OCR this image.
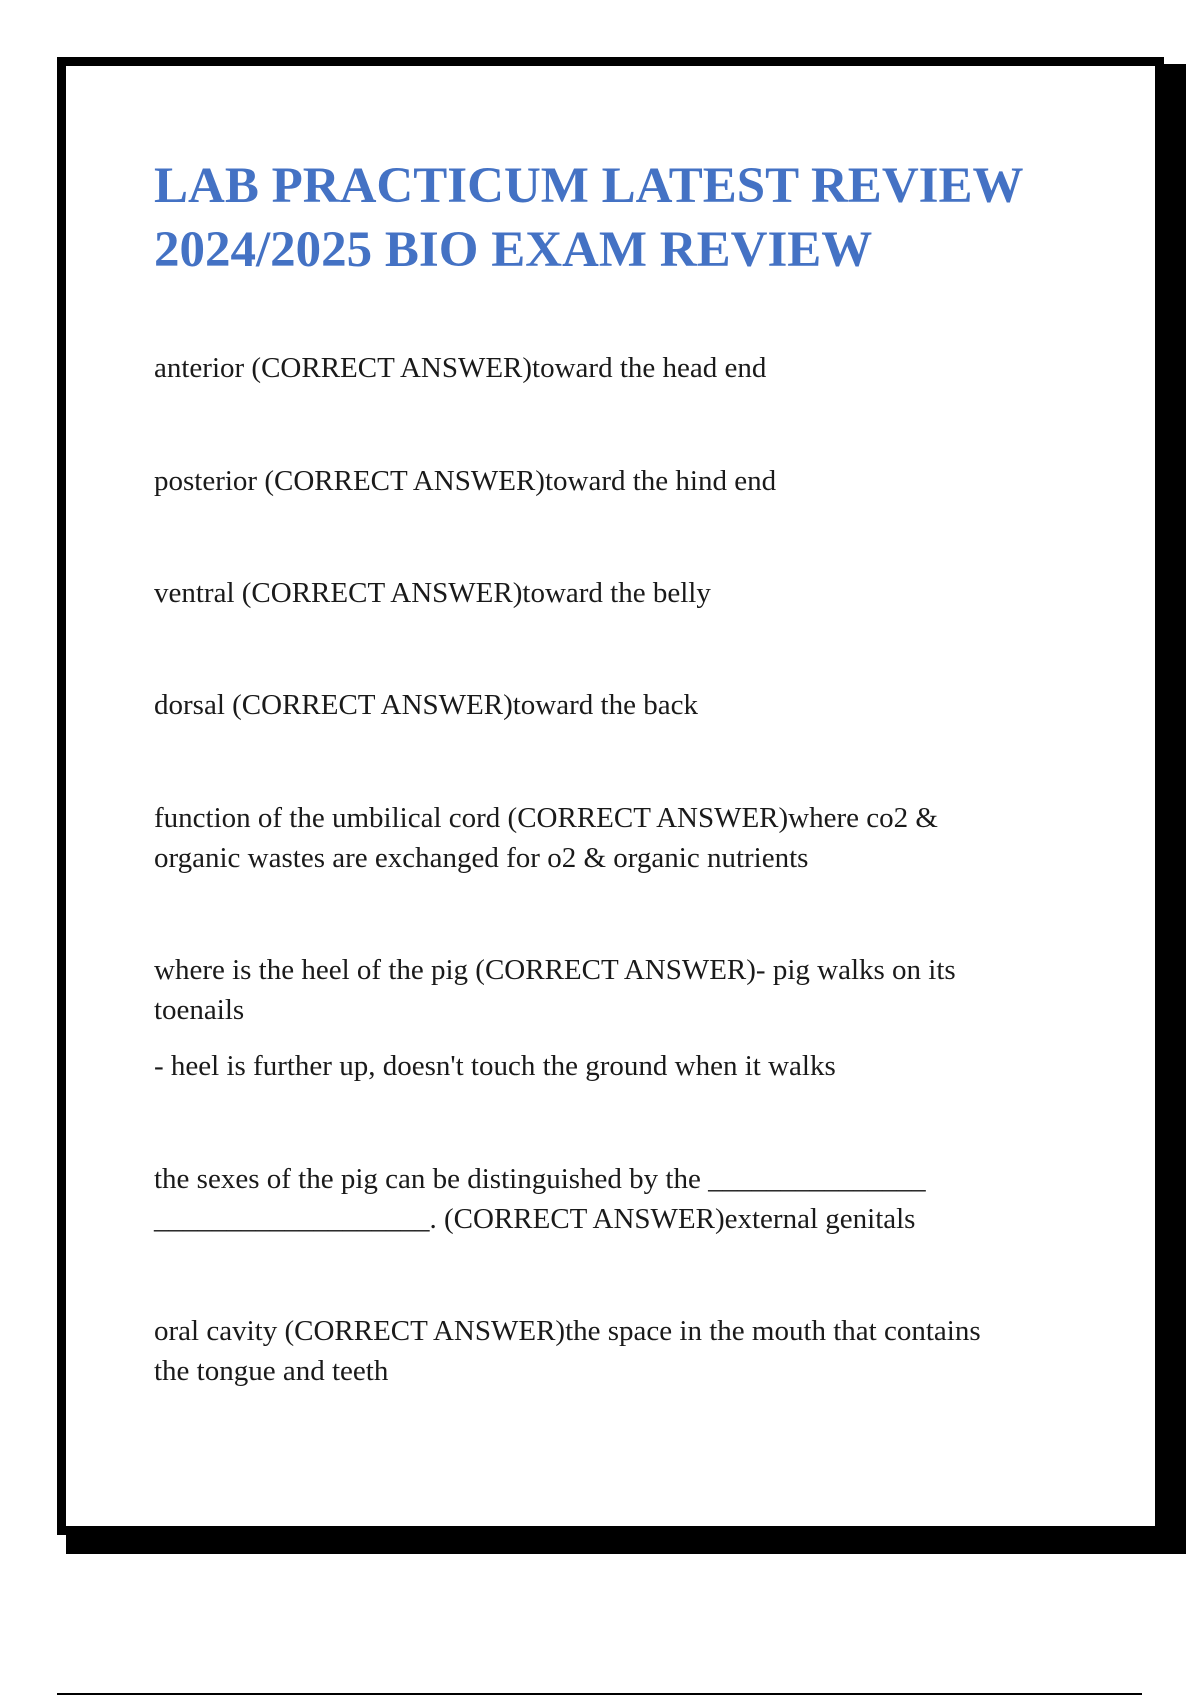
LAB PRACTICUM LATEST REVIEW
2024/2025 BIO EXAM REVIEW

anterior (CORRECT ANSWER)toward the head end

posterior (CORRECT ANSWER)toward the hind end

ventral (CORRECT ANSWER)toward the belly

dorsal (CORRECT ANSWER)toward the back

function of the umbilical cord (CORRECT ANSWER)where co2 &
organic wastes are exchanged for o2 & organic nutrients

where is the heel of the pig (CORRECT ANSWER)- pig walks on its
toenails
- heel is further up, doesn't touch the ground when it walks

the sexes of the pig can be distinguished by the _______________
___________________. (CORRECT ANSWER)external genitals

oral cavity (CORRECT ANSWER)the space in the mouth that contains
the tongue and teeth
